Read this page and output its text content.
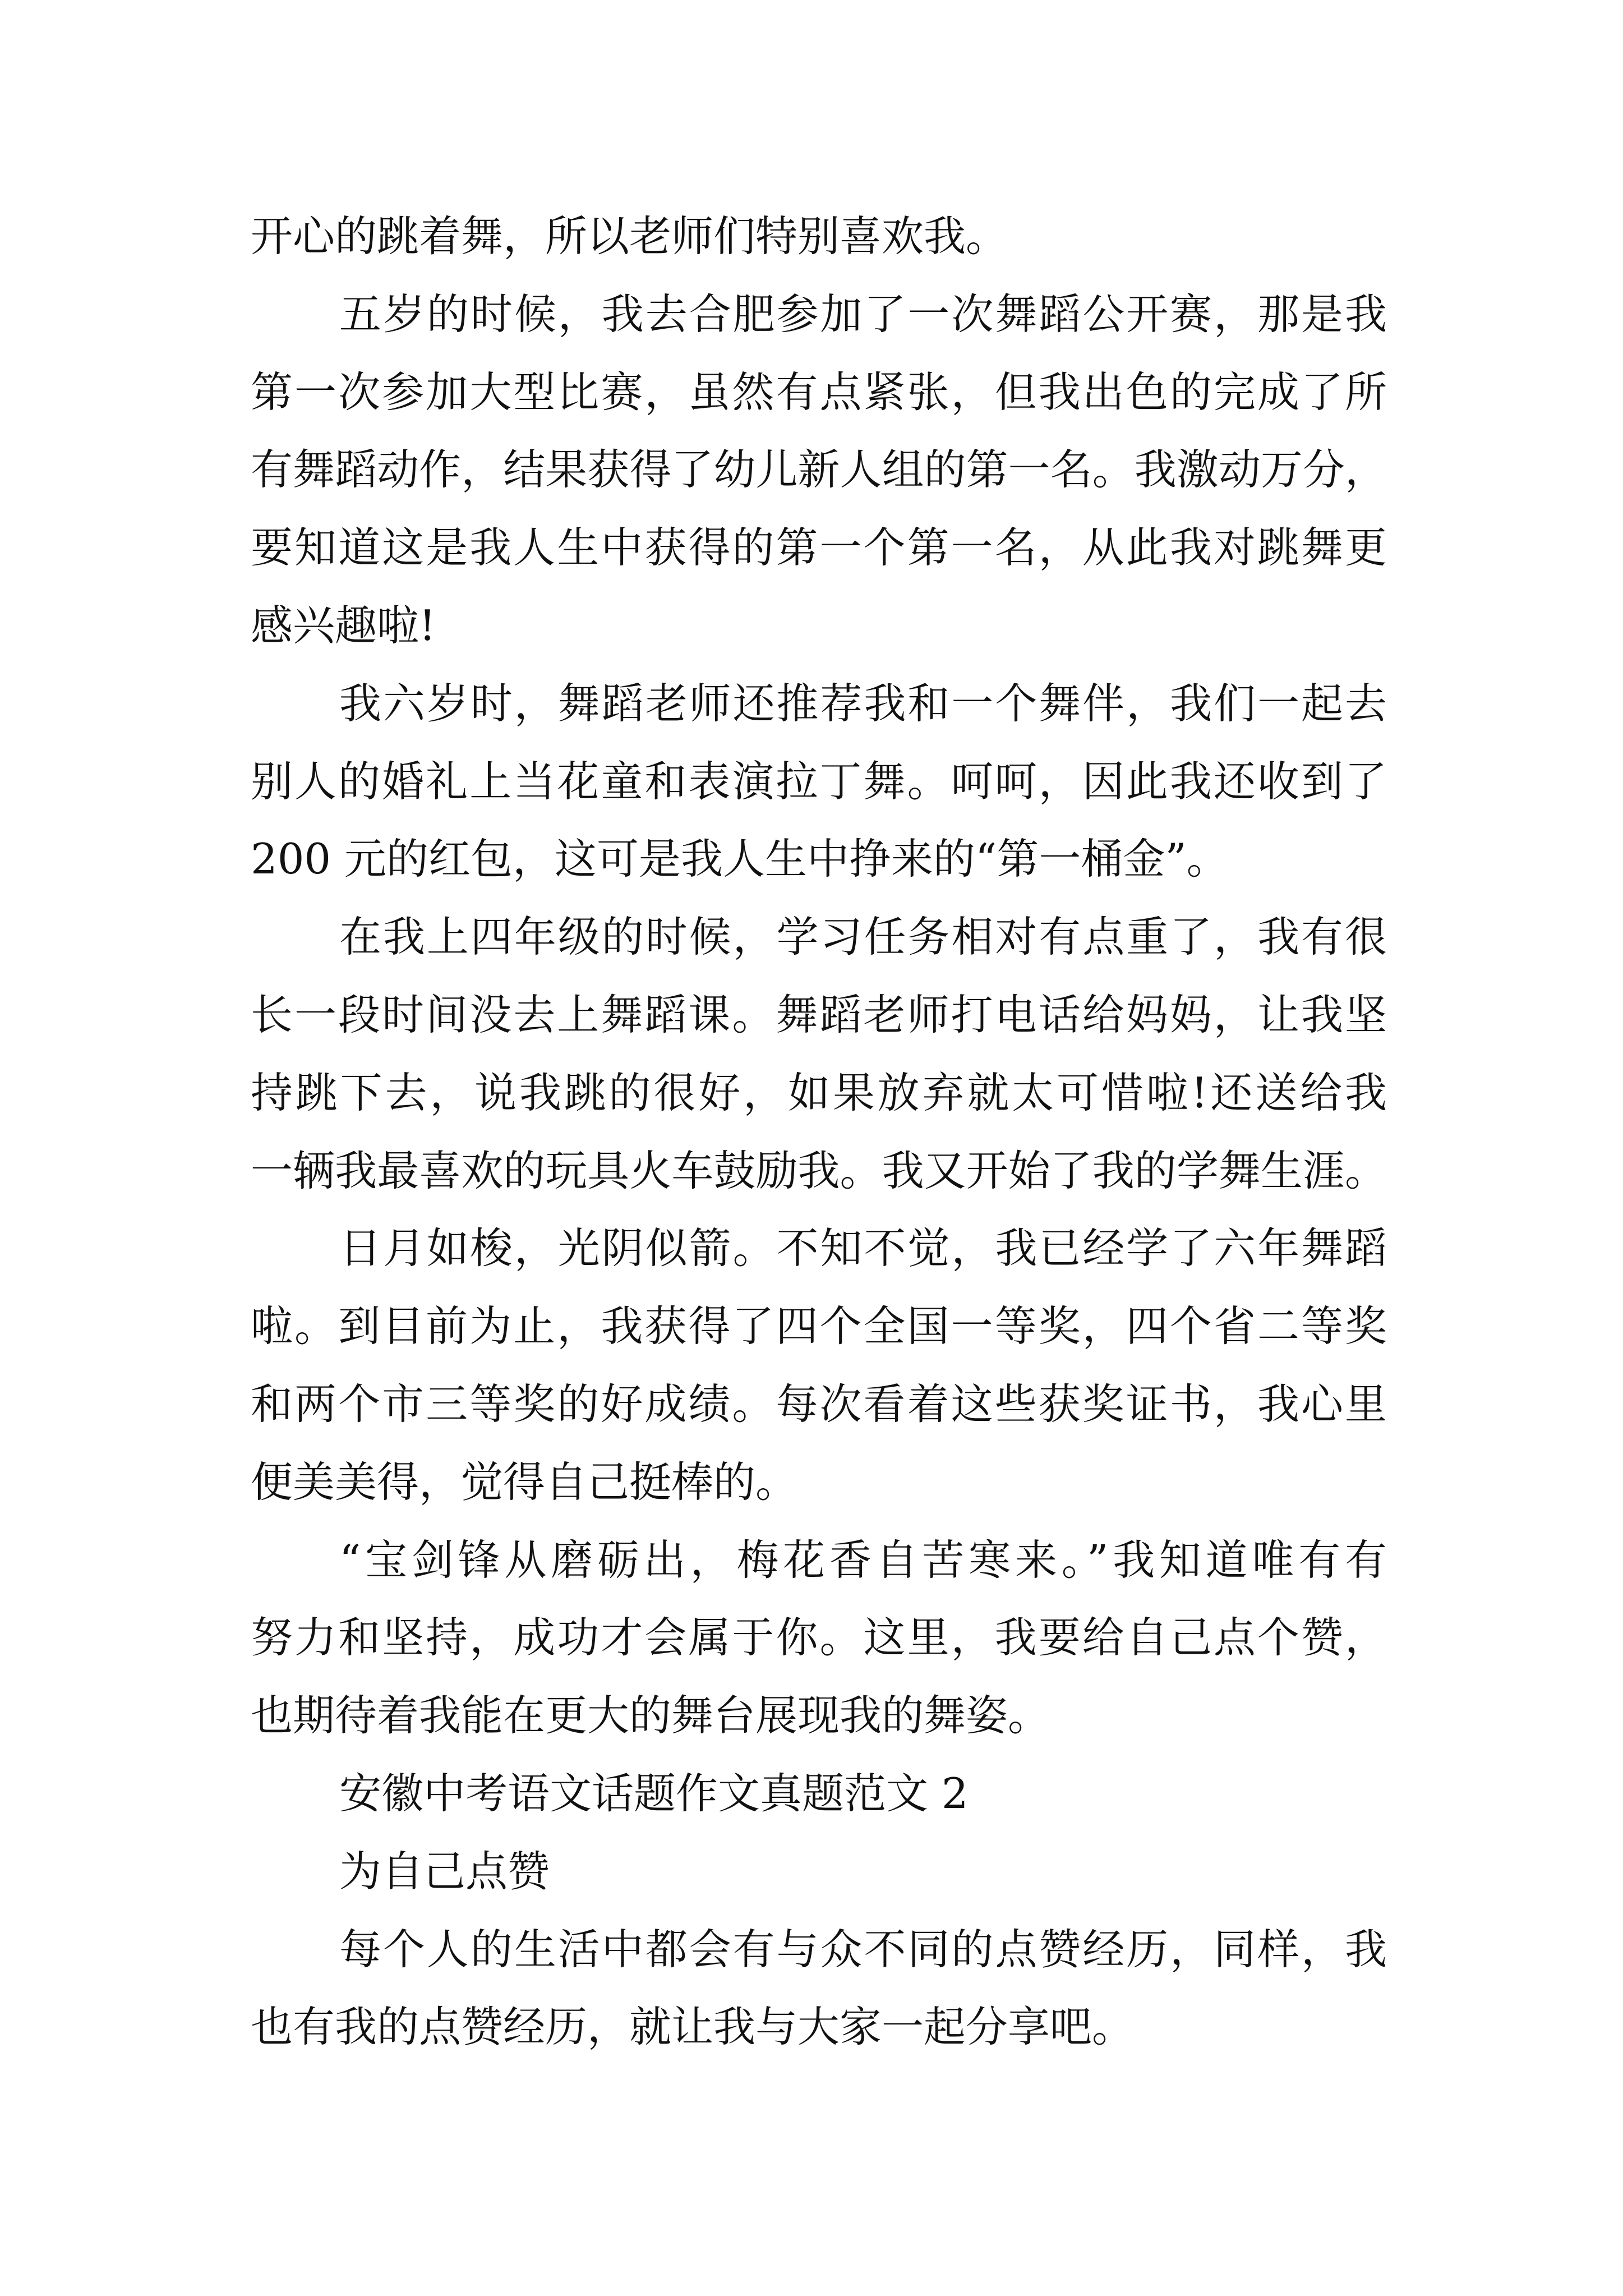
开心的跳着舞，所以老师们特别喜欢我。
五岁的时候，我去合肥参加了一次舞蹈公开赛，那是我
第一次参加大型比赛，虽然有点紧张，但我出色的完成了所
有舞蹈动作，结果获得了幼儿新人组的第一名。我激动万分，
要知道这是我人生中获得的第一个第一名，从此我对跳舞更
感兴趣啦!
我六岁时，舞蹈老师还推荐我和一个舞伴，我们一起去
别人的婚礼上当花童和表演拉丁舞。呵呵，因此我还收到了
200 元的红包，这可是我人生中挣来的“第一桶金”。
在我上四年级的时候，学习任务相对有点重了，我有很
长一段时间没去上舞蹈课。舞蹈老师打电话给妈妈，让我坚
持跳下去，说我跳的很好，如果放弃就太可惜啦!还送给我
一辆我最喜欢的玩具火车鼓励我。我又开始了我的学舞生涯。
日月如梭，光阴似箭。不知不觉，我已经学了六年舞蹈
啦。到目前为止，我获得了四个全国一等奖，四个省二等奖
和两个市三等奖的好成绩。每次看着这些获奖证书，我心里
便美美得，觉得自己挺棒的。
“宝剑锋从磨砺出，梅花香自苦寒来。”我知道唯有有
努力和坚持，成功才会属于你。这里，我要给自己点个赞，
也期待着我能在更大的舞台展现我的舞姿。
安徽中考语文话题作文真题范文 2
为自己点赞
每个人的生活中都会有与众不同的点赞经历，同样，我
也有我的点赞经历，就让我与大家一起分享吧。
